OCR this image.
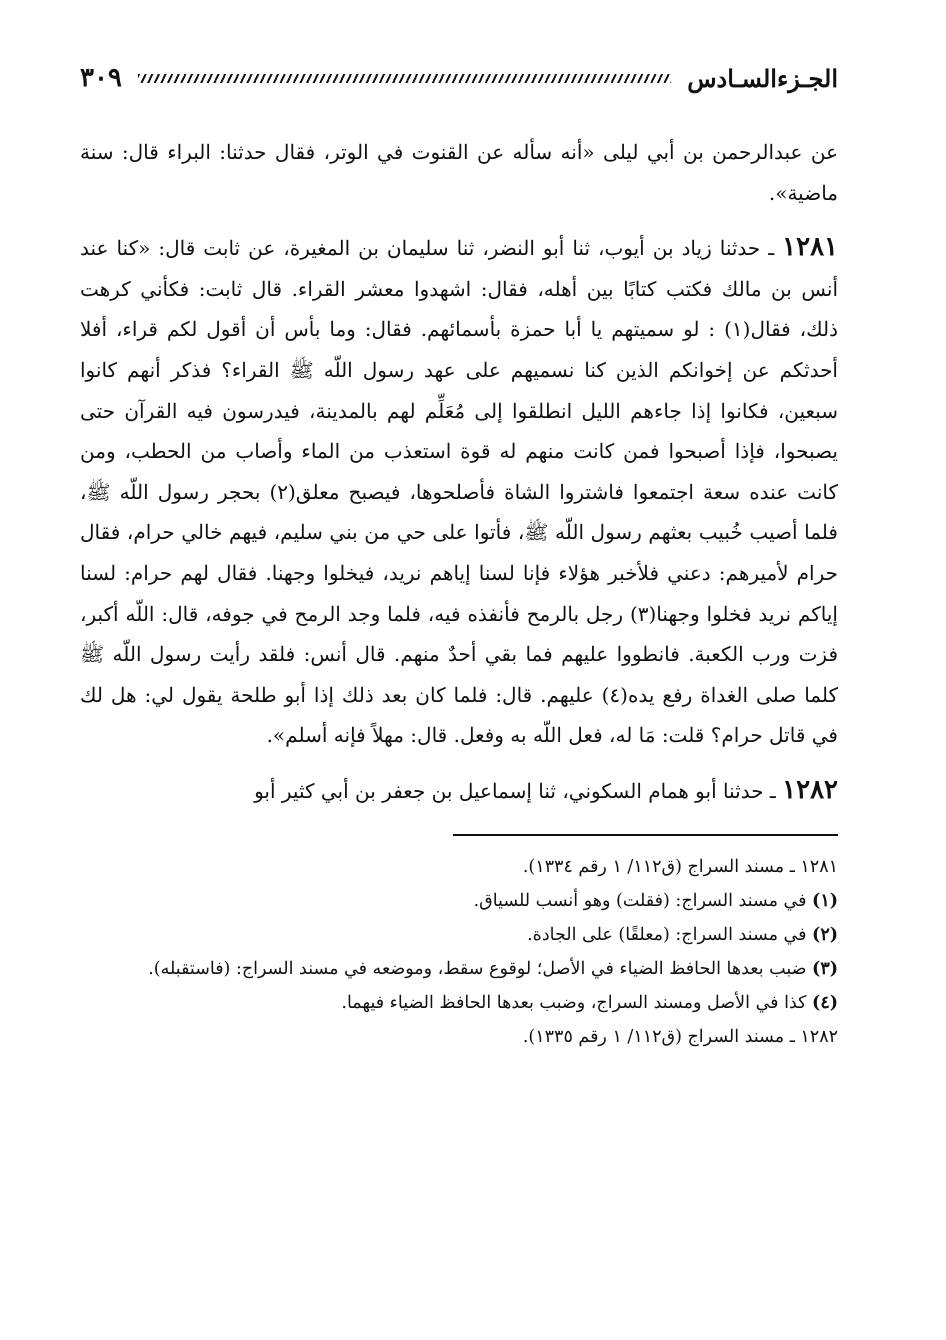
الجـزءالسـادس
٣٠٩

عن عبدالرحمن بن أبي ليلى «أنه سأله عن القنوت في الوتر، فقال حدثنا: البراء قال: سنة ماضية».

١٢٨١ ـ حدثنا زياد بن أيوب، ثنا أبو النضر، ثنا سليمان بن المغيرة، عن ثابت قال: «كنا عند أنس بن مالك فكتب كتابًا بين أهله، فقال: اشهدوا معشر القراء. قال ثابت: فكأني كرهت ذلك، فقال(١) : لو سميتهم يا أبا حمزة بأسمائهم. فقال: وما بأس أن أقول لكم قراء، أفلا أحدثكم عن إخوانكم الذين كنا نسميهم على عهد رسول اللّه ﷺ القراء؟ فذكر أنهم كانوا سبعين، فكانوا إذا جاءهم الليل انطلقوا إلى مُعَلِّم لهم بالمدينة، فيدرسون فيه القرآن حتى يصبحوا، فإذا أصبحوا فمن كانت منهم له قوة استعذب من الماء وأصاب من الحطب، ومن كانت عنده سعة اجتمعوا فاشتروا الشاة فأصلحوها، فيصبح معلق(٢) بحجر رسول اللّه ﷺ، فلما أصيب خُبيب بعثهم رسول اللّه ﷺ، فأتوا على حي من بني سليم، فيهم خالي حرام، فقال حرام لأميرهم: دعني فلأخبر هؤلاء فإنا لسنا إياهم نريد، فيخلوا وجهنا. فقال لهم حرام: لسنا إياكم نريد فخلوا وجهنا(٣) رجل بالرمح فأنفذه فيه، فلما وجد الرمح في جوفه، قال: اللّه أكبر، فزت ورب الكعبة. فانطووا عليهم فما بقي أحدٌ منهم. قال أنس: فلقد رأيت رسول اللّه ﷺ كلما صلى الغداة رفع يده(٤) عليهم. قال: فلما كان بعد ذلك إذا أبو طلحة يقول لي: هل لك في قاتل حرام؟ قلت: مَا له، فعل اللّه به وفعل. قال: مهلاً فإنه أسلم».

١٢٨٢ ـ حدثنا أبو همام السكوني، ثنا إسماعيل بن جعفر بن أبي كثير أبو

١٢٨١ ـ مسند السراج (ق١١٢/ ١ رقم ١٣٣٤).

(١) في مسند السراج: (فقلت) وهو أنسب للسياق.

(٢) في مسند السراج: (معلقًا) على الجادة.

(٣) ضبب بعدها الحافظ الضياء في الأصل؛ لوقوع سقط، وموضعه في مسند السراج: (فاستقبله).

(٤) كذا في الأصل ومسند السراج، وضبب بعدها الحافظ الضياء فيهما.

١٢٨٢ ـ مسند السراج (ق١١٢/ ١ رقم ١٣٣٥).
